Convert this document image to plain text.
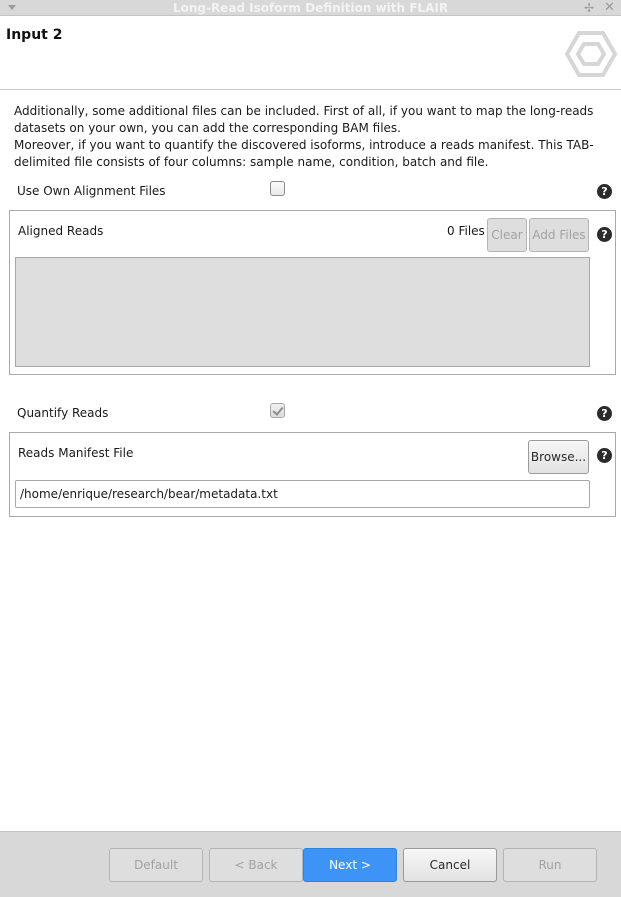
Long-Read Isoform Definition with FLAIR	✢ ✕
Input 2

Additionally, some additional files can be included. First of all, if you want to map the long-reads datasets on your own, you can add the corresponding BAM files.

Moreover, if you want to quantify the discovered isoforms, introduce a reads manifest. This TAB-delimited file consists of four columns: sample name, condition, batch and file.

Use Own Alignment Files	?
Aligned Reads	0 Files Clear Add Files	?
Quantify Reads	?
Reads Manifest File	Browse...	?
/home/enrique/research/bear/metadata.txt
Default	< Back	Next >	Cancel	Run
